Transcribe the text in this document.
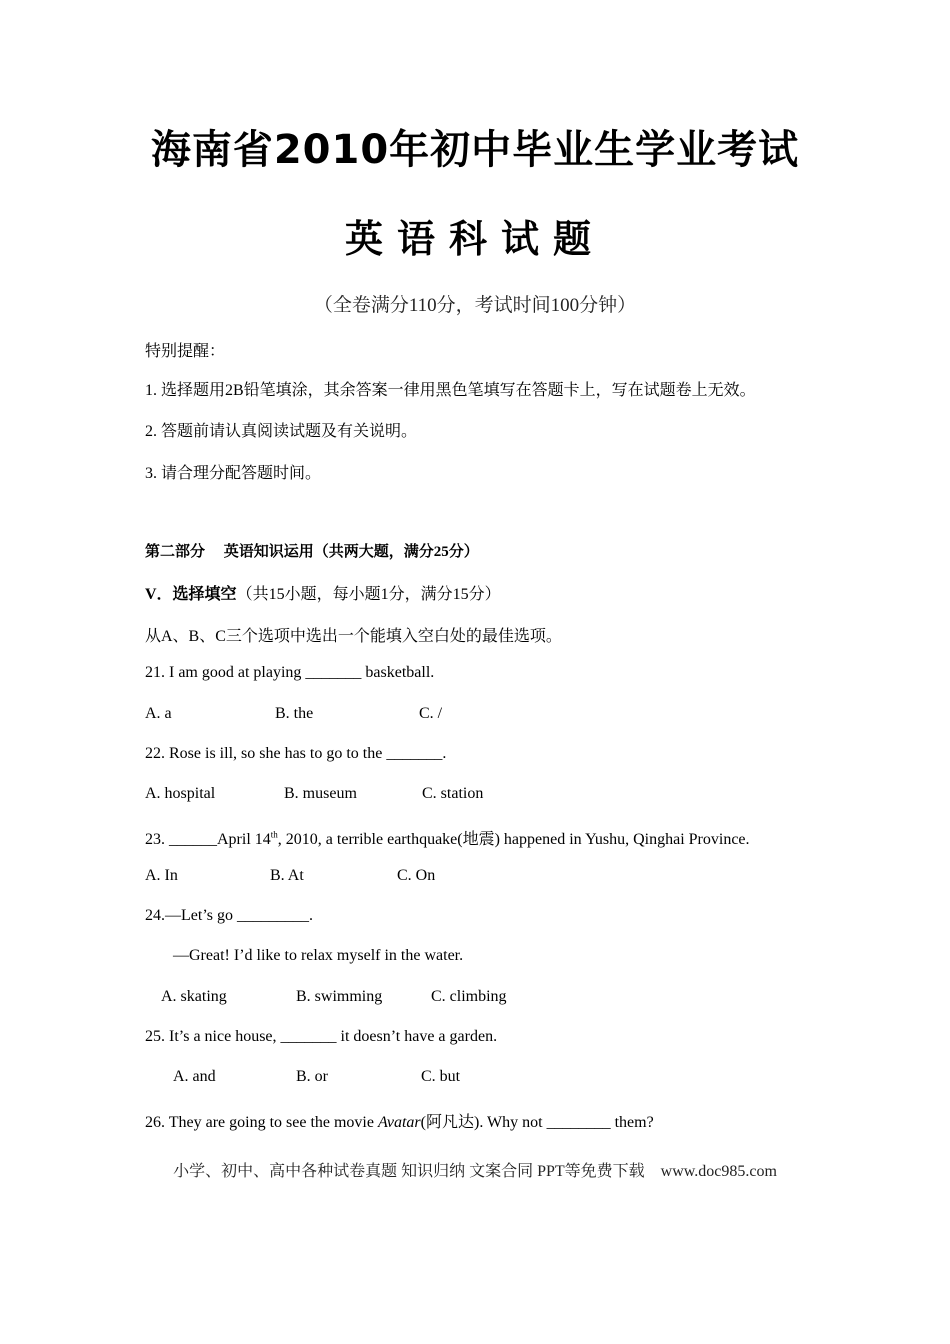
海南省2010年初中毕业生学业考试
英语科试题
（全卷满分110分，考试时间100分钟）
特别提醒：
1. 选择题用2B铅笔填涂，其余答案一律用黑色笔填写在答题卡上，写在试题卷上无效。
2. 答题前请认真阅读试题及有关说明。
3. 请合理分配答题时间。
第二部分　 英语知识运用（共两大题，满分25分）
V．选择填空（共15小题，每小题1分，满分15分）
从A、B、C三个选项中选出一个能填入空白处的最佳选项。
21. I am good at playing _______ basketball.
A. a	B. the	C. /
22. Rose is ill, so she has to go to the _______.
A. hospital	B. museum	C. station
23. ______April 14th, 2010, a terrible earthquake(地震) happened in Yushu, Qinghai Province.
A. In	B. At	C. On
24.—Let’s go _________.
—Great! I’d like to relax myself in the water.
A. skating	B. swimming	C. climbing
25. It’s a nice house, _______ it doesn’t have a garden.
A. and	B. or	C. but
26. They are going to see the movie Avatar(阿凡达). Why not ________ them?
小学、初中、高中各种试卷真题 知识归纳 文案合同 PPT等免费下载　www.doc985.com
